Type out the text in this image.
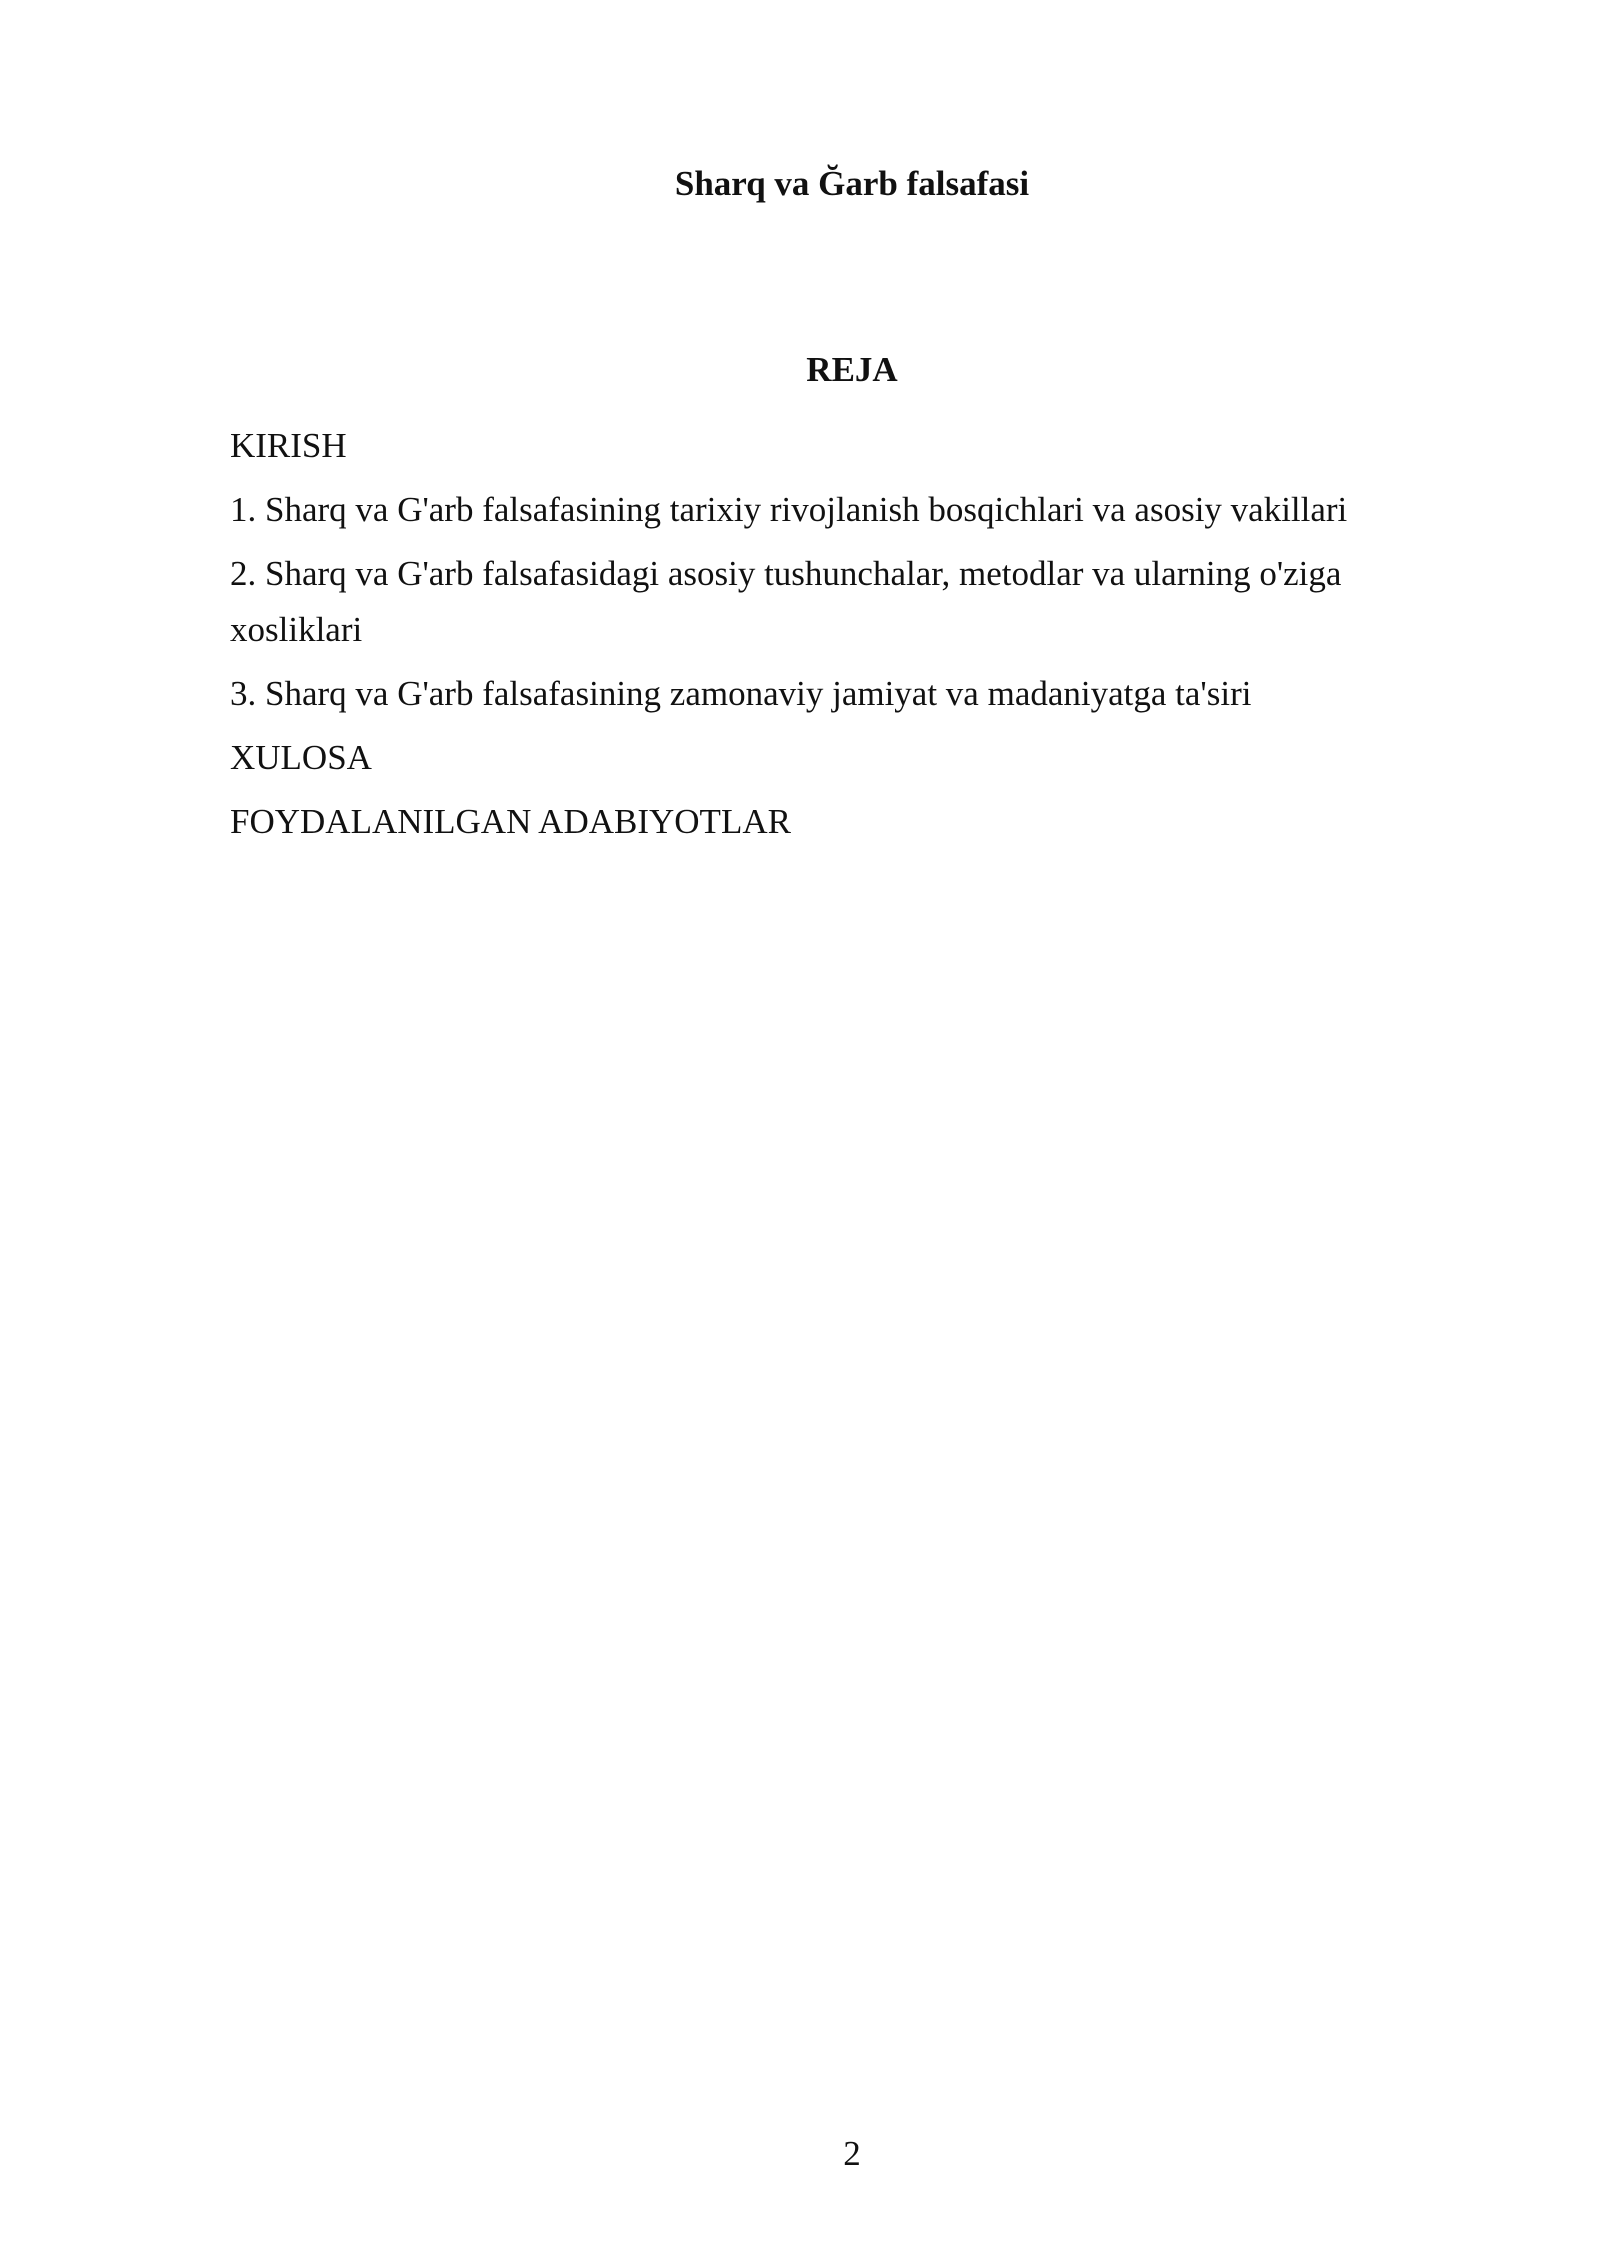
Sharq va Ğarb falsafasi
REJA
KIRISH
1. Sharq va G'arb falsafasining tarixiy rivojlanish bosqichlari va asosiy vakillari
2. Sharq va G'arb falsafasidagi asosiy tushunchalar, metodlar va ularning o'ziga xosliklari
3. Sharq va G'arb falsafasining zamonaviy jamiyat va madaniyatga ta'siri
XULOSA
FOYDALANILGAN ADABIYOTLAR
2
